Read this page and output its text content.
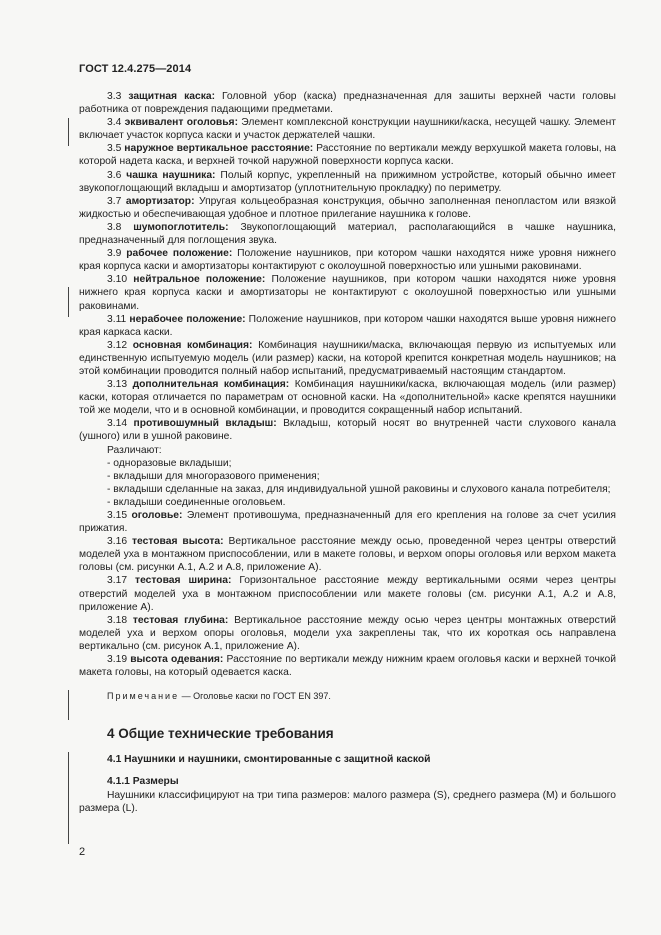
ГОСТ 12.4.275—2014

3.3 защитная каска: Головной убор (каска) предназначенная для зашиты верхней части головы работника от повреждения падающими предметами.

3.4 эквивалент оголовья: Элемент комплексной конструкции наушники/каска, несущей чашку. Элемент включает участок корпуса каски и участок держателей чашки.

3.5 наружное вертикальное расстояние: Расстояние по вертикали между верхушкой макета головы, на которой надета каска, и верхней точкой наружной поверхности корпуса каски.

3.6 чашка наушника: Полый корпус, укрепленный на прижимном устройстве, который обычно имеет звукопоглощающий вкладыш и амортизатор (уплотнительную прокладку) по периметру.

3.7 амортизатор: Упругая кольцеобразная конструкция, обычно заполненная пенопластом или вязкой жидкостью и обеспечивающая удобное и плотное прилегание наушника к голове.

3.8 шумопоглотитель: Звукопоглощающий материал, располагающийся в чашке наушника, предназначенный для поглощения звука.

3.9 рабочее положение: Положение наушников, при котором чашки находятся ниже уровня нижнего края корпуса каски и амортизаторы контактируют с околоушной поверхностью или ушными раковинами.

3.10 нейтральное положение: Положение наушников, при котором чашки находятся ниже уровня нижнего края корпуса каски и амортизаторы не контактируют с околоушной поверхностью или ушными раковинами.

3.11 нерабочее положение: Положение наушников, при котором чашки находятся выше уровня нижнего края каркаса каски.

3.12 основная комбинация: Комбинация наушники/маска, включающая первую из испытуемых или единственную испытуемую модель (или размер) каски, на которой крепится конкретная модель наушников; на этой комбинации проводится полный набор испытаний, предусматриваемый настоящим стандартом.

3.13 дополнительная комбинация: Комбинация наушники/каска, включающая модель (или размер) каски, которая отличается по параметрам от основной каски. На «дополнительной» каске крепятся наушники той же модели, что и в основной комбинации, и проводится сокращенный набор испытаний.

3.14 противошумный вкладыш: Вкладыш, который носят во внутренней части слухового канала (ушного) или в ушной раковине.

Различают:

- одноразовые вкладыши;

- вкладыши для многоразового применения;

- вкладыши сделанные на заказ, для индивидуальной ушной раковины и слухового канала потребителя;

- вкладыши соединенные оголовьем.

3.15 оголовье: Элемент противошума, предназначенный для его крепления на голове за счет усилия прижатия.

3.16 тестовая высота: Вертикальное расстояние между осью, проведенной через центры отверстий моделей уха в монтажном приспособлении, или в макете головы, и верхом опоры оголовья или верхом макета головы (см. рисунки А.1, А.2 и А.8, приложение А).

3.17 тестовая ширина: Горизонтальное расстояние между вертикальными осями через центры отверстий моделей уха в монтажном приспособлении или макете головы (см. рисунки А.1, А.2 и А.8, приложение А).

3.18 тестовая глубина: Вертикальное расстояние между осью через центры монтажных отверстий моделей уха и верхом опоры оголовья, модели уха закреплены так, что их короткая ось направлена вертикально (см. рисунок А.1, приложение А).

3.19 высота одевания: Расстояние по вертикали между нижним краем оголовья каски и верхней точкой макета головы, на который одевается каска.

Примечание — Оголовье каски по ГОСТ EN 397.

4 Общие технические требования

4.1 Наушники и наушники, смонтированные с защитной каской

4.1.1 Размеры

Наушники классифицируют на три типа размеров: малого размера (S), среднего размера (M) и большого размера (L).

2
